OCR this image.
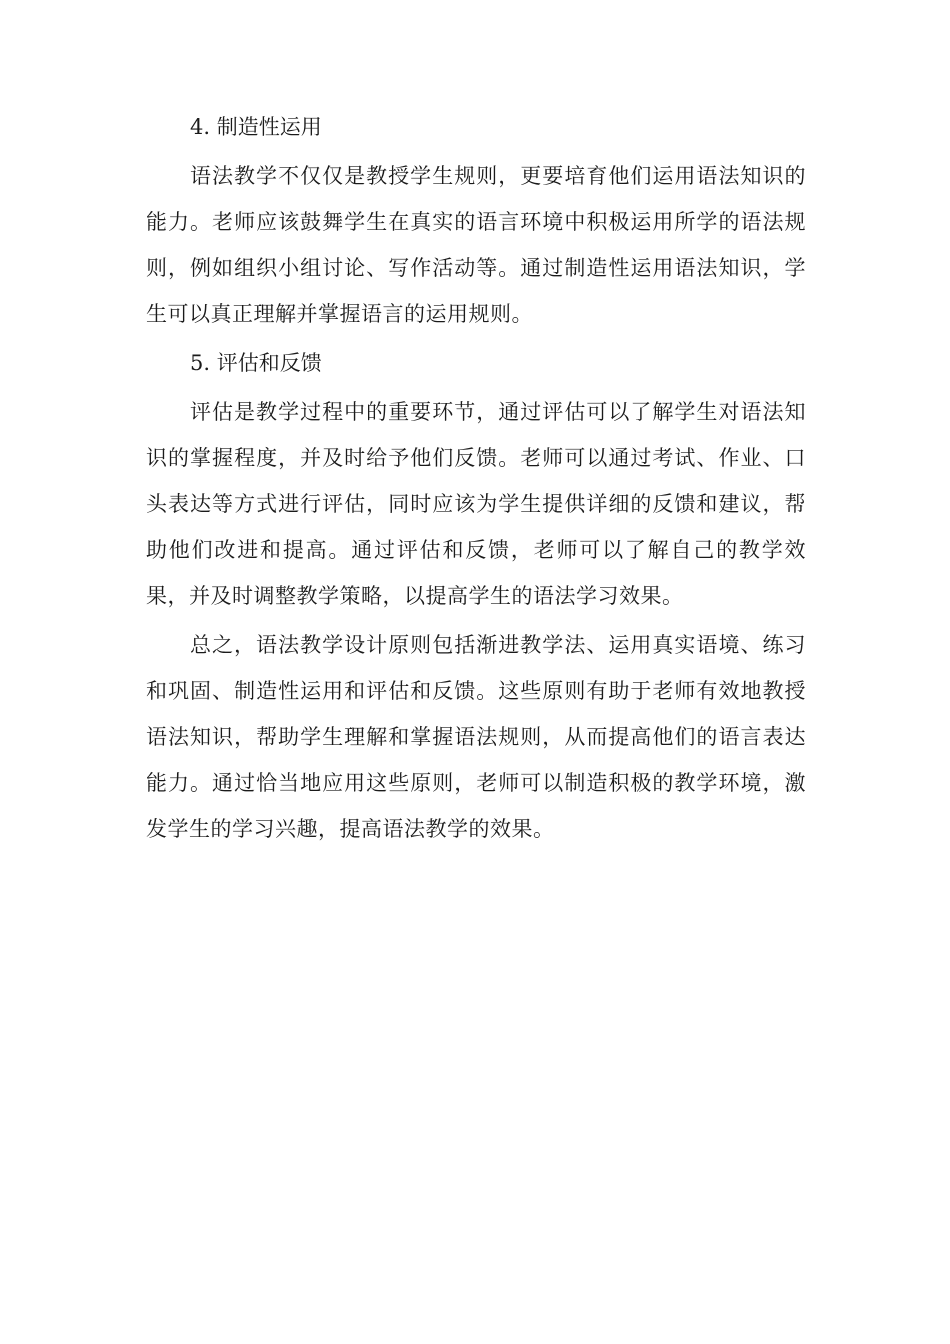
4. 制造性运用

语法教学不仅仅是教授学生规则，更要培育他们运用语法知识的能力。老师应该鼓舞学生在真实的语言环境中积极运用所学的语法规则，例如组织小组讨论、写作活动等。通过制造性运用语法知识，学生可以真正理解并掌握语言的运用规则。

5. 评估和反馈

评估是教学过程中的重要环节，通过评估可以了解学生对语法知识的掌握程度，并及时给予他们反馈。老师可以通过考试、作业、口头表达等方式进行评估，同时应该为学生提供详细的反馈和建议，帮助他们改进和提高。通过评估和反馈，老师可以了解自己的教学效果，并及时调整教学策略，以提高学生的语法学习效果。

总之，语法教学设计原则包括渐进教学法、运用真实语境、练习和巩固、制造性运用和评估和反馈。这些原则有助于老师有效地教授语法知识，帮助学生理解和掌握语法规则，从而提高他们的语言表达能力。通过恰当地应用这些原则，老师可以制造积极的教学环境，激发学生的学习兴趣，提高语法教学的效果。
